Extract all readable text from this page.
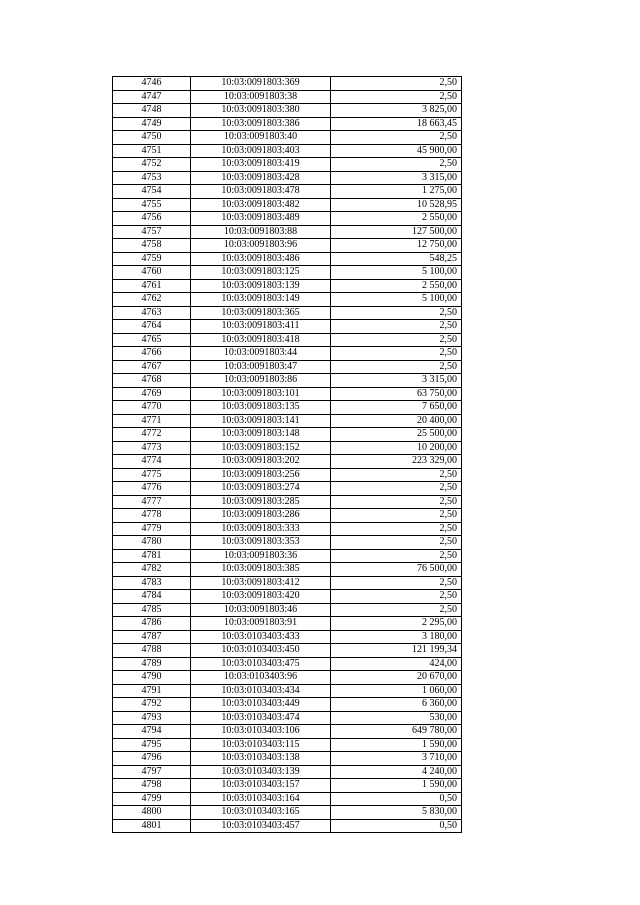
4746	10:03:0091803:369	2,50
4747	10:03:0091803:38	2,50
4748	10:03:0091803:380	3 825,00
4749	10:03:0091803:386	18 663,45
4750	10:03:0091803:40	2,50
4751	10:03:0091803:403	45 900,00
4752	10:03:0091803:419	2,50
4753	10:03:0091803:428	3 315,00
4754	10:03:0091803:478	1 275,00
4755	10:03:0091803:482	10 528,95
4756	10:03:0091803:489	2 550,00
4757	10:03:0091803:88	127 500,00
4758	10:03:0091803:96	12 750,00
4759	10:03:0091803:486	548,25
4760	10:03:0091803:125	5 100,00
4761	10:03:0091803:139	2 550,00
4762	10:03:0091803:149	5 100,00
4763	10:03:0091803:365	2,50
4764	10:03:0091803:411	2,50
4765	10:03:0091803:418	2,50
4766	10:03:0091803:44	2,50
4767	10:03:0091803:47	2,50
4768	10:03:0091803:86	3 315,00
4769	10:03:0091803:101	63 750,00
4770	10:03:0091803:135	7 650,00
4771	10:03:0091803:141	20 400,00
4772	10:03:0091803:148	25 500,00
4773	10:03:0091803:152	10 200,00
4774	10:03:0091803:202	223 329,00
4775	10:03:0091803:256	2,50
4776	10:03:0091803:274	2,50
4777	10:03:0091803:285	2,50
4778	10:03:0091803:286	2,50
4779	10:03:0091803:333	2,50
4780	10:03:0091803:353	2,50
4781	10:03:0091803:36	2,50
4782	10:03:0091803:385	76 500,00
4783	10:03:0091803:412	2,50
4784	10:03:0091803:420	2,50
4785	10:03:0091803:46	2,50
4786	10:03:0091803:91	2 295,00
4787	10:03:0103403:433	3 180,00
4788	10:03:0103403:450	121 199,34
4789	10:03:0103403:475	424,00
4790	10:03:0103403:96	20 670,00
4791	10:03:0103403:434	1 060,00
4792	10:03:0103403:449	6 360,00
4793	10:03:0103403:474	530,00
4794	10:03:0103403:106	649 780,00
4795	10:03:0103403:115	1 590,00
4796	10:03:0103403:138	3 710,00
4797	10:03:0103403:139	4 240,00
4798	10:03:0103403:157	1 590,00
4799	10:03:0103403:164	0,50
4800	10:03:0103403:165	5 830,00
4801	10:03:0103403:457	0,50
